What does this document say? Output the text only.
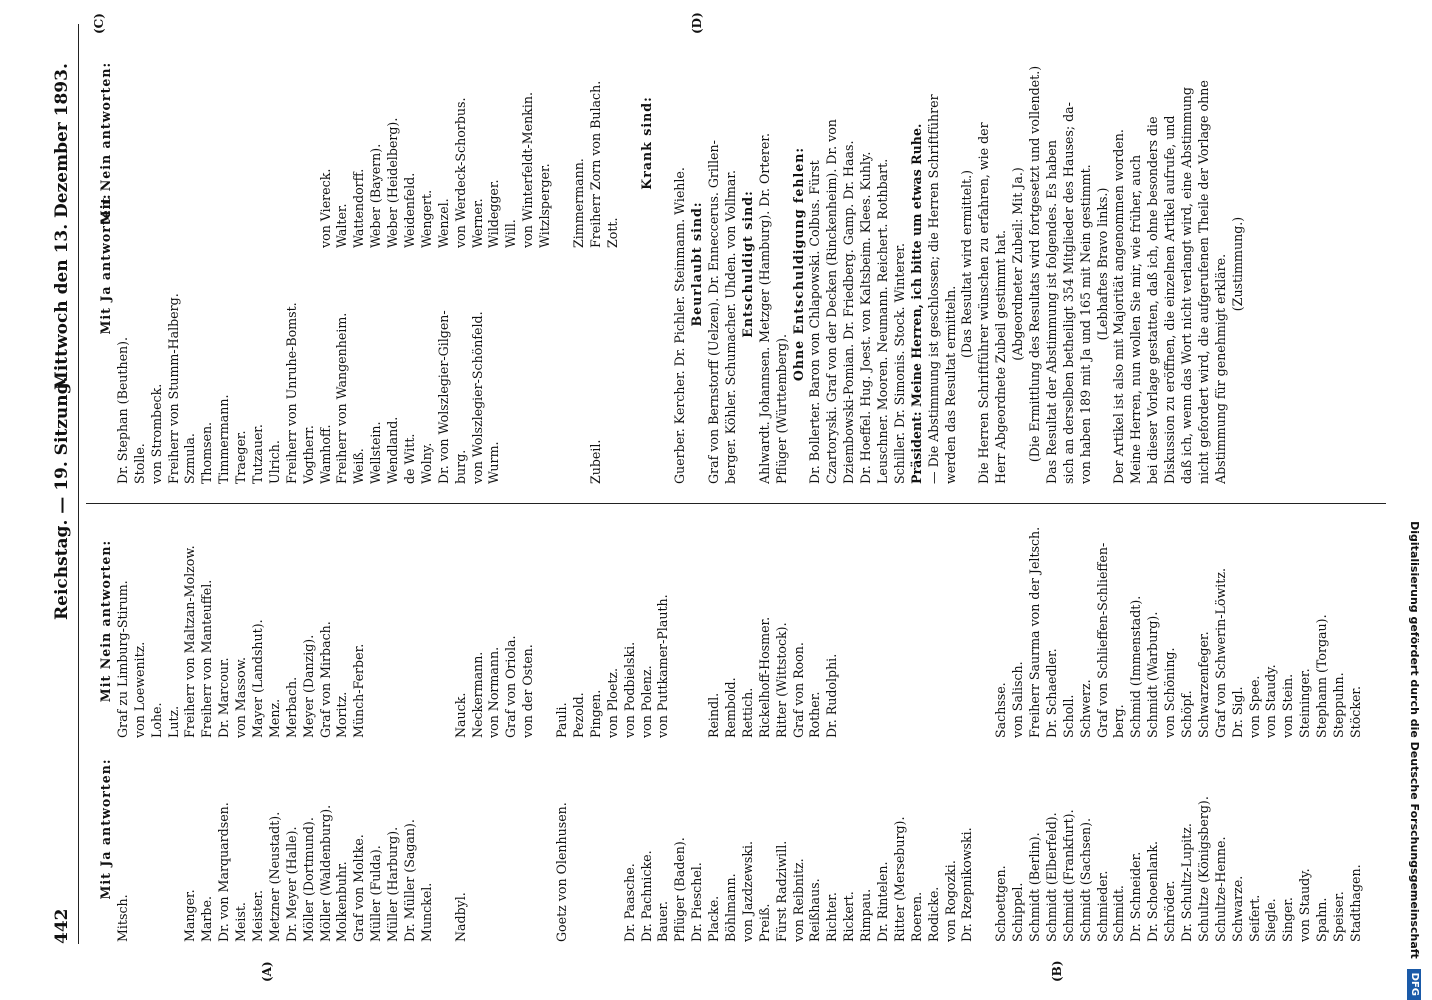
442
Reichstag. — 19. Sitzung.
Mittwoch den 13. Dezember 1893.
(A)	(B)
(C)	(D)
Mit Ja antworten:
Mitsch.	Manger. Marbe. Dr. von Marquardsen. Meist. Meister. Metzner (Neustadt). Dr. Meyer (Halle). Möller (Dortmund). Möller (Waldenburg). Molkenbuhr. Graf von Moltke. Müller (Fulda). Müller (Harburg). Dr. Müller (Sagan). Munckel. Nadbyl.	Goetz von Olenhusen.	Dr. Paasche. Dr. Pachnicke. Bauer. Pflüger (Baden). Dr. Pieschel. Placke. Böhlmann. von Jazdzewski. Preiß. Fürst Radziwill. von Reibnitz. Reißhaus. Richter. Rickert. Rimpau. Dr. Rintelen. Ritter (Merseburg). Roeren. Rodicke. von Rogozki. Dr. Rzepnikowski. Schoettgen. Schippel. Schmidt (Berlin). Schmidt (Elberfeld). Schmidt (Frankfurt). Schmidt (Sachsen). Schmieder. Schmidt. Dr. Schneider. Dr. Schoenlank. Schröder. Dr. Schultz-Lupitz. Schultze (Königsberg). Schultze-Henne. Schwarze. Seifert. Siegle. Singer. von Staudy. Spahn. Speiser. Stadthagen.
Mit Nein antworten: Graf zu Limburg-Stirum. von Loewenitz. Lohe. Lutz. Freiherr von Maltzan-Molzow. Freiherr von Manteuffel. Dr. Marcour. von Massow. Mayer (Landshut). Menz. Merbach. Meyer (Danzig). Graf von Mirbach. Moritz. Münch-Ferber.	Nauck. Neckermann. von Normann. Graf von Oriola. von der Osten. Pauli. Pezold. Pingen. von Ploetz. von Podbielski. von Polenz. von Puttkamer-Plauth.	Reindl. Rembold. Rettich. Rickelhoff-Hosmer. Ritter (Wittstock). Graf von Roon. Rother. Dr. Rudolphi.	Sachsse. von Salisch. Freiherr Saurma von der Jeltsch. Dr. Schaedler. Scholl. Schwerz. Graf von Schlieffen-Schlieffen- berg. Schmid (Immenstadt). Schmidt (Warburg). von Schöning. Schöpf. Schwarzenfeger. Graf von Schwerin-Löwitz. Dr. Sigl. von Spee. von Staudy. von Stein. Steininger. Stephann (Torgau). Steppuhn. Stöcker.
Mit Ja antworten:
Dr. Stephan (Beuthen). Stolle. von Strombeck. Freiherr von Stumm-Halberg. Szmula. Thomsen. Timmermann. Traeger. Tutzauer. Ulrich. Freiherr von Unruhe-Bomst. Vogtherr. Wamhoff. Freiherr von Wangenheim. Weiß. Wellstein. Wendland. de Witt. Wolny. Dr. von Wolszlegier-Gilgen- burg. von Wolszlegier-Schönfeld. Wurm.	Zubeil.	Guerber. Kercher. Dr. Pichler. Steinmann. Wiehle. Beurlaubt sind: Graf von Bernstorff (Uelzen). Dr. Enneccerus. Grillen- berger. Köhler. Schumacher. Uhden. von Vollmar. Entschuldigt sind: Ahlwardt. Johannsen. Metzger (Hamburg). Dr. Orterer. Pflüger (Württemberg).
Ohne Entschuldigung fehlen: Dr. Bollerter. Baron von Chlapowski. Colbus. Fürst Czartoryski. Graf von der Decken (Rinckenheim). Dr. von Dziembowski-Pomian. Dr. Friedberg. Gamp. Dr. Haas. Dr. Hoeffel. Hug. Joest. von Kaltsbeim. Klees. Kuhly. Leuschner. Mooren. Neumann. Reichert. Rothbart. Schiller. Dr. Simonis. Stock. Winterer. Präsident: Meine Herren, ich bitte um etwas Ruhe. — Die Abstimmung ist geschlossen; die Herren Schriftführer werden das Resultat ermitteln.
(Das Resultat wird ermittelt.) Die Herren Schriftführer wünschen zu erfahren, wie der Herr Abgeordnete Zubeil gestimmt hat. (Abgeordneter Zubeil: Mit Ja.) (Die Ermittlung des Resultats wird fortgesetzt und vollendet.) Das Resultat der Abstimmung ist folgendes. Es haben sich an derselben betheiligt 354 Mitglieder des Hauses; da- von haben 189 mit Ja und 165 mit Nein gestimmt. (Lebhaftes Bravo links.) Der Artikel ist also mit Majorität angenommen worden. Meine Herren, nun wollen Sie mir, wie früher, auch bei dieser Vorlage gestatten, daß ich, ohne besonders die Diskussion zu eröffnen, die einzelnen Artikel aufrufe, und daß ich, wenn das Wort nicht verlangt wird, eine Abstimmung nicht gefordert wird, die aufgerufenen Theile der Vorlage ohne Abstimmung für genehmigt erkläre. (Zustimmung.)
Mit Nein antworten:	von Viereck. Walter. Wattendorff. Weber (Bayern). Weber (Heidelberg). Weidenfeld. Wengert. Wenzel. von Werdeck-Schorbus. Werner. Wildegger. Will. von Winterfeldt-Menkin. Witzlsperger. Zimmermann. Freiherr Zorn von Bulach. Zott.
Krank sind:
Digitalisierung gefördert durch die Deutsche Forschungsgemeinschaft DFG
